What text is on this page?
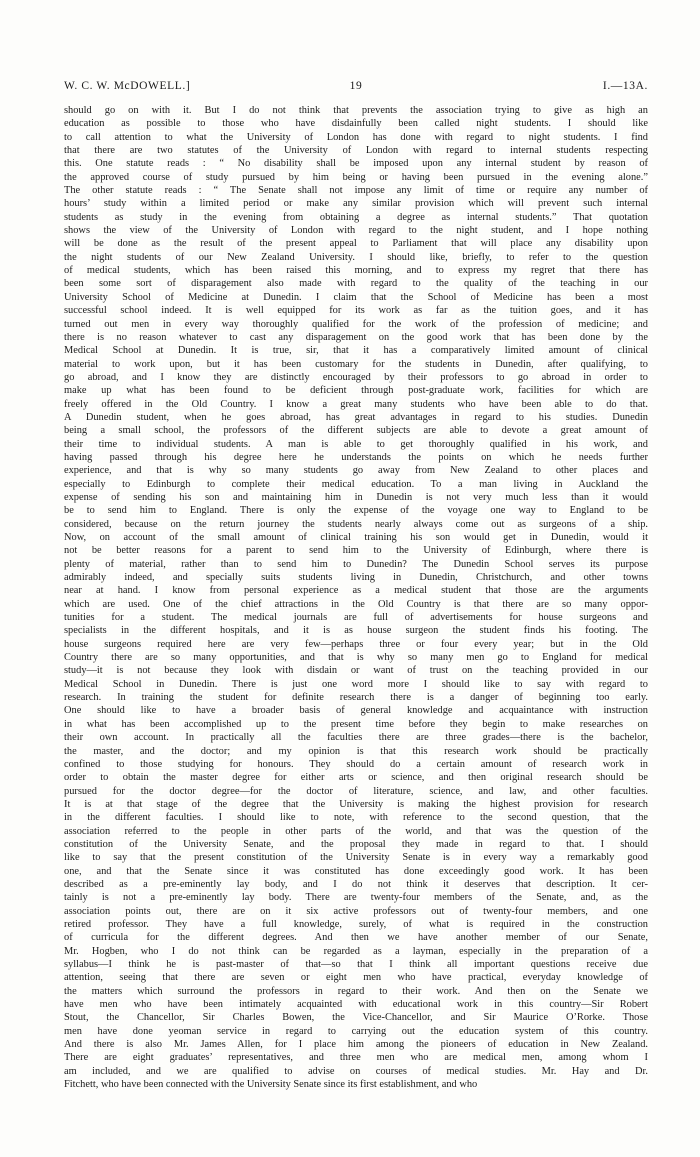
W. C. W. McDOWELL.]	19	I.—13A.
should go on with it. But I do not think that prevents the association trying to give as high an
education as possible to those who have disdainfully been called night students. I should like
to call attention to what the University of London has done with regard to night students. I find
that there are two statutes of the University of London with regard to internal students respecting
this. One statute reads : “ No disability shall be imposed upon any internal student by reason of
the approved course of study pursued by him being or having been pursued in the evening alone.”
The other statute reads : “ The Senate shall not impose any limit of time or require any number of
hours’ study within a limited period or make any similar provision which will prevent such internal
students as study in the evening from obtaining a degree as internal students.” That quotation
shows the view of the University of London with regard to the night student, and I hope nothing
will be done as the result of the present appeal to Parliament that will place any disability upon
the night students of our New Zealand University. I should like, briefly, to refer to the question
of medical students, which has been raised this morning, and to express my regret that there has
been some sort of disparagement also made with regard to the quality of the teaching in our
University School of Medicine at Dunedin. I claim that the School of Medicine has been a most
successful school indeed. It is well equipped for its work as far as the tuition goes, and it has
turned out men in every way thoroughly qualified for the work of the profession of medicine; and
there is no reason whatever to cast any disparagement on the good work that has been done by the
Medical School at Dunedin. It is true, sir, that it has a comparatively limited amount of clinical
material to work upon, but it has been customary for the students in Dunedin, after qualifying, to
go abroad, and I know they are distinctly encouraged by their professors to go abroad in order to
make up what has been found to be deficient through post-graduate work, facilities for which are
freely offered in the Old Country. I know a great many students who have been able to do that.
A Dunedin student, when he goes abroad, has great advantages in regard to his studies. Dunedin
being a small school, the professors of the different subjects are able to devote a great amount of
their time to individual students. A man is able to get thoroughly qualified in his work, and
having passed through his degree here he understands the points on which he needs further
experience, and that is why so many students go away from New Zealand to other places and
especially to Edinburgh to complete their medical education. To a man living in Auckland the
expense of sending his son and maintaining him in Dunedin is not very much less than it would
be to send him to England. There is only the expense of the voyage one way to England to be
considered, because on the return journey the students nearly always come out as surgeons of a ship.
Now, on account of the small amount of clinical training his son would get in Dunedin, would it
not be better reasons for a parent to send him to the University of Edinburgh, where there is
plenty of material, rather than to send him to Dunedin? The Dunedin School serves its purpose
admirably indeed, and specially suits students living in Dunedin, Christchurch, and other towns
near at hand. I know from personal experience as a medical student that those are the arguments
which are used. One of the chief attractions in the Old Country is that there are so many oppor-
tunities for a student. The medical journals are full of advertisements for house surgeons and
specialists in the different hospitals, and it is as house surgeon the student finds his footing. The
house surgeons required here are very few—perhaps three or four every year; but in the Old
Country there are so many opportunities, and that is why so many men go to England for medical
study—it is not because they look with disdain or want of trust on the teaching provided in our
Medical School in Dunedin. There is just one word more I should like to say with regard to
research. In training the student for definite research there is a danger of beginning too early.
One should like to have a broader basis of general knowledge and acquaintance with instruction
in what has been accomplished up to the present time before they begin to make researches on
their own account. In practically all the faculties there are three grades—there is the bachelor,
the master, and the doctor; and my opinion is that this research work should be practically
confined to those studying for honours. They should do a certain amount of research work in
order to obtain the master degree for either arts or science, and then original research should be
pursued for the doctor degree—for the doctor of literature, science, and law, and other faculties.
It is at that stage of the degree that the University is making the highest provision for research
in the different faculties. I should like to note, with reference to the second question, that the
association referred to the people in other parts of the world, and that was the question of the
constitution of the University Senate, and the proposal they made in regard to that. I should
like to say that the present constitution of the University Senate is in every way a remarkably good
one, and that the Senate since it was constituted has done exceedingly good work. It has been
described as a pre-eminently lay body, and I do not think it deserves that description. It cer-
tainly is not a pre-eminently lay body. There are twenty-four members of the Senate, and, as the
association points out, there are on it six active professors out of twenty-four members, and one
retired professor. They have a full knowledge, surely, of what is required in the construction
of curricula for the different degrees. And then we have another member of our Senate,
Mr. Hogben, who I do not think can be regarded as a layman, especially in the preparation of a
syllabus—I think he is past-master of that—so that I think all important questions receive due
attention, seeing that there are seven or eight men who have practical, everyday knowledge of
the matters which surround the professors in regard to their work. And then on the Senate we
have men who have been intimately acquainted with educational work in this country—Sir Robert
Stout, the Chancellor, Sir Charles Bowen, the Vice-Chancellor, and Sir Maurice O’Rorke. Those
men have done yeoman service in regard to carrying out the education system of this country.
And there is also Mr. James Allen, for I place him among the pioneers of education in New Zealand.
There are eight graduates’ representatives, and three men who are medical men, among whom I
am included, and we are qualified to advise on courses of medical studies. Mr. Hay and Dr.
Fitchett, who have been connected with the University Senate since its first establishment, and who
